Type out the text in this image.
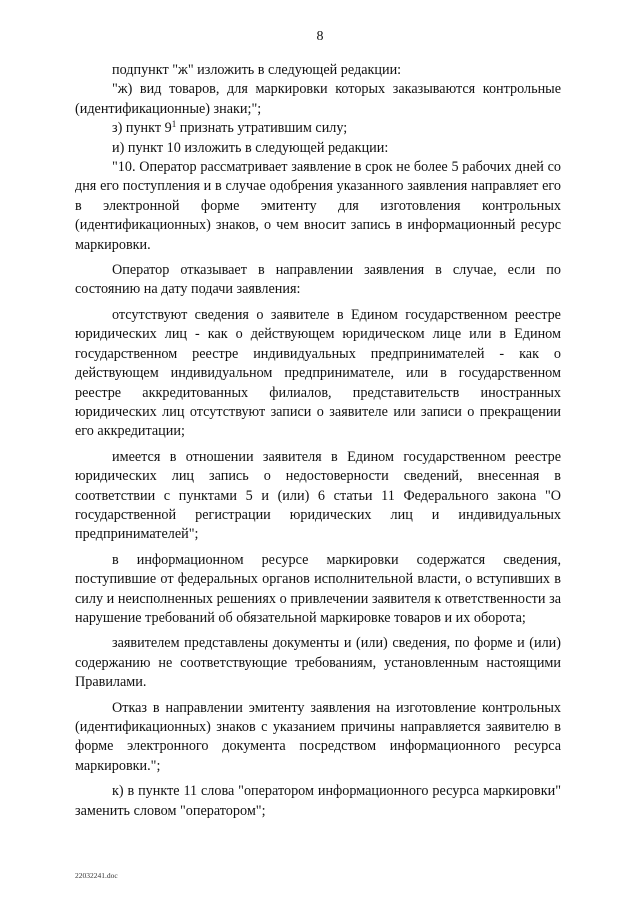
8

подпункт "ж" изложить в следующей редакции:

"ж) вид товаров, для маркировки которых заказываются контрольные (идентификационные) знаки;";

з) пункт $9^1$ признать утратившим силу;

и) пункт 10 изложить в следующей редакции:

"10. Оператор рассматривает заявление в срок не более 5 рабочих дней со дня его поступления и в случае одобрения указанного заявления направляет его в электронной форме эмитенту для изготовления контрольных (идентификационных) знаков, о чем вносит запись в информационный ресурс маркировки.

Оператор отказывает в направлении заявления в случае, если по состоянию на дату подачи заявления:

отсутствуют сведения о заявителе в Едином государственном реестре юридических лиц - как о действующем юридическом лице или в Едином государственном реестре индивидуальных предпринимателей - как о действующем индивидуальном предпринимателе, или в государственном реестре аккредитованных филиалов, представительств иностранных юридических лиц отсутствуют записи о заявителе или записи о прекращении его аккредитации;

имеется в отношении заявителя в Едином государственном реестре юридических лиц запись о недостоверности сведений, внесенная в соответствии с пунктами 5 и (или) 6 статьи 11 Федерального закона "О государственной регистрации юридических лиц и индивидуальных предпринимателей";

в информационном ресурсе маркировки содержатся сведения, поступившие от федеральных органов исполнительной власти, о вступивших в силу и неисполненных решениях о привлечении заявителя к ответственности за нарушение требований об обязательной маркировке товаров и их оборота;

заявителем представлены документы и (или) сведения, по форме и (или) содержанию не соответствующие требованиям, установленным настоящими Правилами.

Отказ в направлении эмитенту заявления на изготовление контрольных (идентификационных) знаков с указанием причины направляется заявителю в форме электронного документа посредством информационного ресурса маркировки.";

к) в пункте 11 слова "оператором информационного ресурса маркировки" заменить словом "оператором";

22032241.doc
